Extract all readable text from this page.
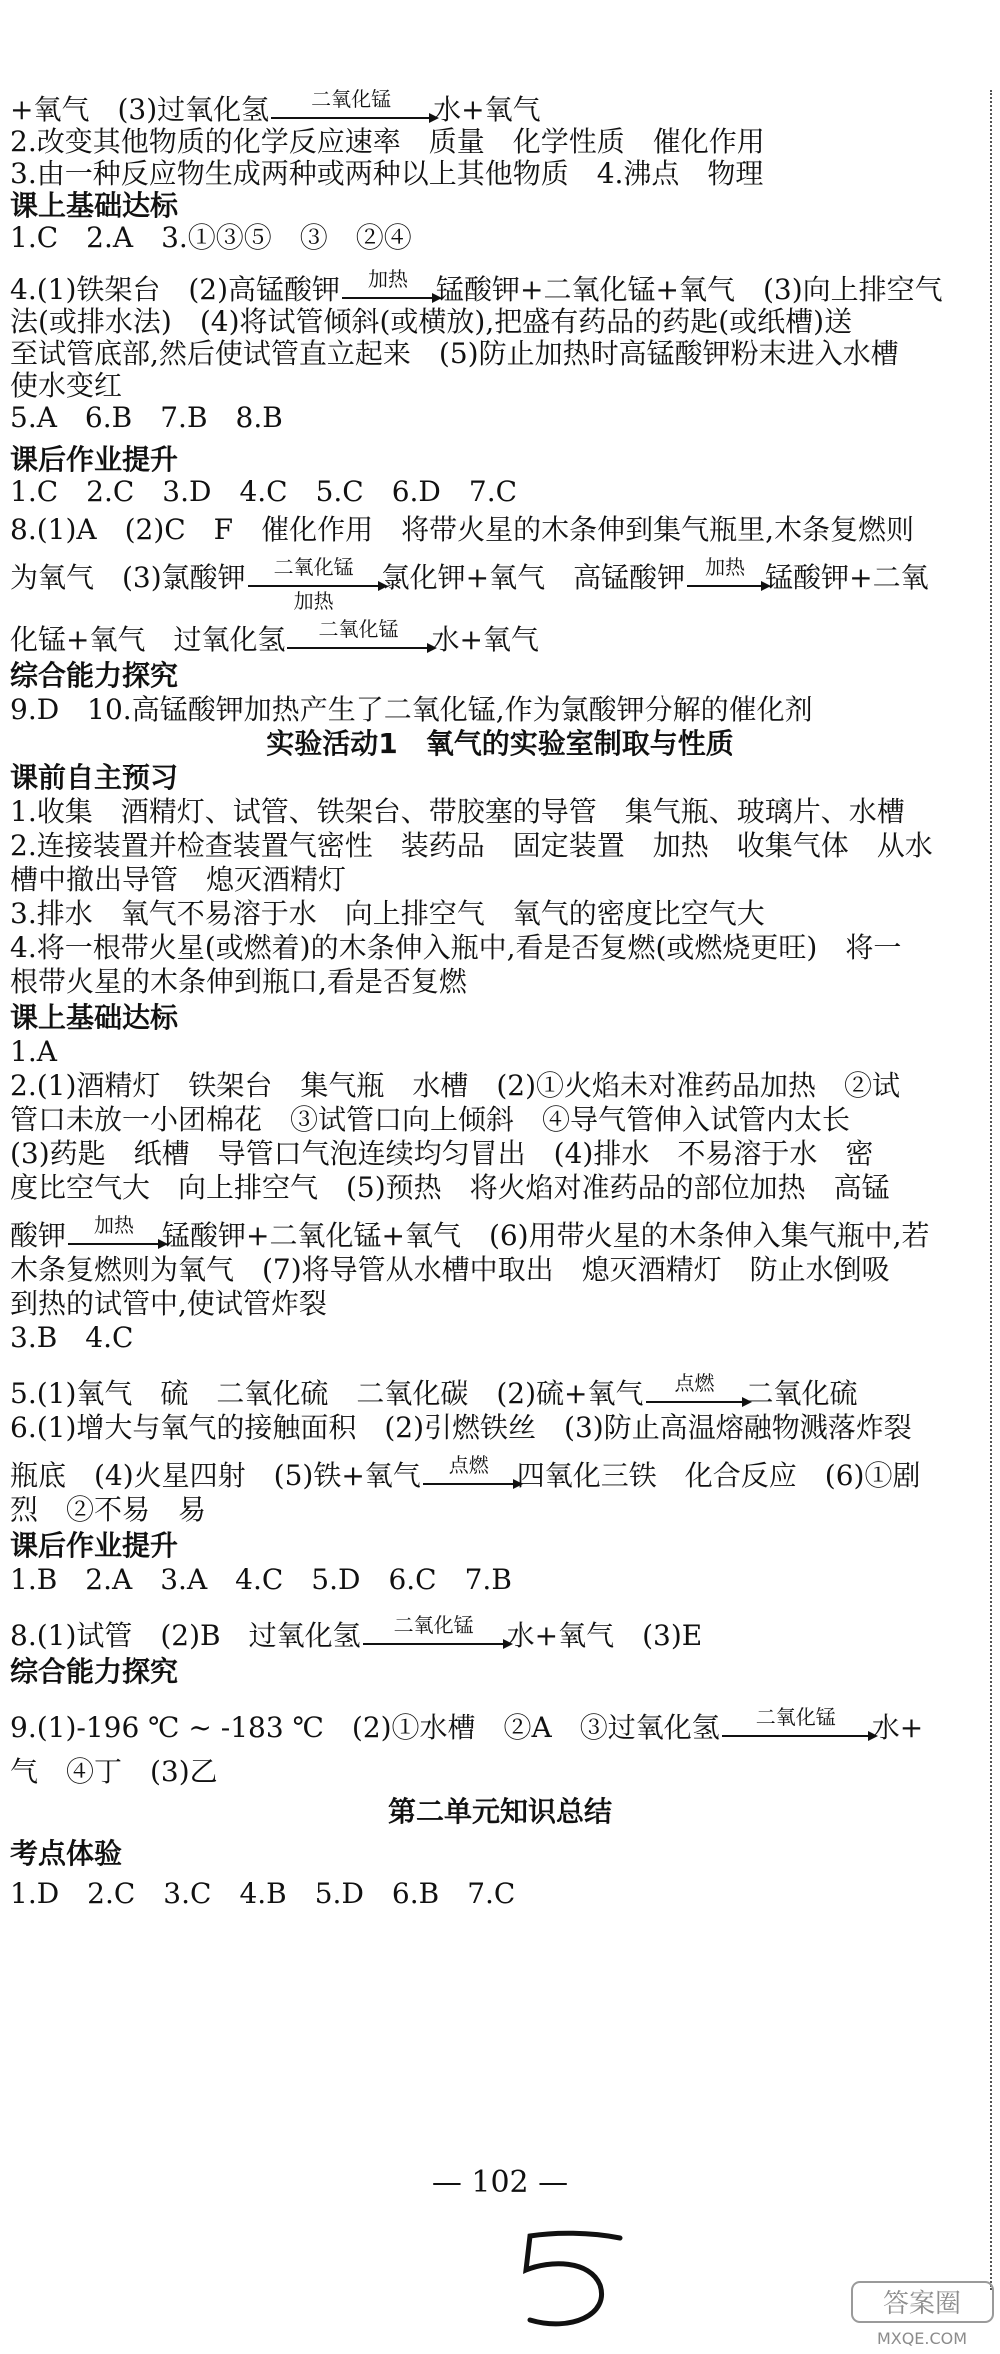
+氧气　(3)过氧化氢	二氧化锰	水+氧气
2.改变其他物质的化学反应速率　质量　化学性质　催化作用
3.由一种反应物生成两种或两种以上其他物质　4.沸点　物理
课上基础达标
1.C　2.A　3.①③⑤　③　②④
4.(1)铁架台　(2)高锰酸钾	加热	锰酸钾+二氧化锰+氧气　(3)向上排空气
法(或排水法)　(4)将试管倾斜(或横放),把盛有药品的药匙(或纸槽)送
至试管底部,然后使试管直立起来　(5)防止加热时高锰酸钾粉末进入水槽
使水变红
5.A　6.B　7.B　8.B
课后作业提升
1.C　2.C　3.D　4.C　5.C　6.D　7.C
8.(1)A　(2)C　F　催化作用　将带火星的木条伸到集气瓶里,木条复燃则
为氧气　(3)氯酸钾	二氧化锰
加热
氯化钾+氧气　高锰酸钾	加热 锰酸钾+二氧
化锰+氧气　过氧化氢	二氧化锰	水+氧气
综合能力探究
9.D　10.高锰酸钾加热产生了二氧化锰,作为氯酸钾分解的催化剂
实验活动1　氧气的实验室制取与性质
课前自主预习
1.收集　酒精灯、试管、铁架台、带胶塞的导管　集气瓶、玻璃片、水槽
2.连接装置并检查装置气密性　装药品　固定装置　加热　收集气体　从水
槽中撤出导管　熄灭酒精灯
3.排水　氧气不易溶于水　向上排空气　氧气的密度比空气大
4.将一根带火星(或燃着)的木条伸入瓶中,看是否复燃(或燃烧更旺)　将一
根带火星的木条伸到瓶口,看是否复燃
课上基础达标
1.A
2.(1)酒精灯　铁架台　集气瓶　水槽　(2)①火焰未对准药品加热　②试
管口未放一小团棉花　③试管口向上倾斜　④导气管伸入试管内太长
(3)药匙　纸槽　导管口气泡连续均匀冒出　(4)排水　不易溶于水　密
度比空气大　向上排空气　(5)预热　将火焰对准药品的部位加热　高锰
酸钾	加热	锰酸钾+二氧化锰+氧气　(6)用带火星的木条伸入集气瓶中,若
木条复燃则为氧气　(7)将导管从水槽中取出　熄灭酒精灯　防止水倒吸
到热的试管中,使试管炸裂
3.B　4.C
5.(1)氧气　硫　二氧化硫　二氧化碳　(2)硫+氧气	点燃	二氧化硫
6.(1)增大与氧气的接触面积　(2)引燃铁丝　(3)防止高温熔融物溅落炸裂
瓶底　(4)火星四射　(5)铁+氧气	点燃	四氧化三铁　化合反应　(6)①剧
烈　②不易　易
课后作业提升
1.B　2.A　3.A　4.C　5.D　6.C　7.B
8.(1)试管　(2)B　过氧化氢	二氧化锰	水+氧气　(3)E
综合能力探究
9.(1)-196 ℃ ~ -183 ℃　(2)①水槽　②A　③过氧化氢	二氧化锰	水+
气　④丁　(3)乙
第二单元知识总结
考点体验
1.D　2.C　3.C　4.B　5.D　6.B　7.C
— 102 —
答案圈
MXQE.COM
